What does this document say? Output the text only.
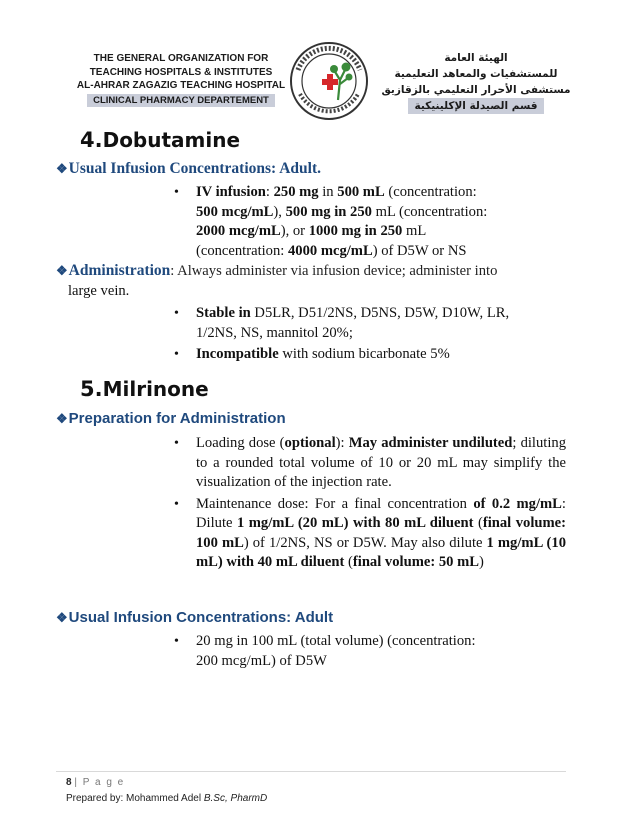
THE GENERAL ORGANIZATION FOR
TEACHING HOSPITALS & INSTITUTES
AL-AHRAR ZAGAZIG TEACHING HOSPITAL
CLINICAL PHARMACY DEPARTEMENT
الهيئة العامة
للمستشفيات والمعاهد التعليمية
مستشفى الأحرار التعليمي بالزقازيق
قسم الصيدلة الإكلينيكية
4.Dobutamine
❖Usual Infusion Concentrations: Adult.
• IV infusion: 250 mg in 500 mL (concentration:
500 mcg/mL), 500 mg in 250 mL (concentration:
2000 mcg/mL), or 1000 mg in 250 mL
(concentration: 4000 mcg/mL) of D5W or NS
❖Administration: Always administer via infusion device; administer into
large vein.
• Stable in D5LR, D51/2NS, D5NS, D5W, D10W, LR,
1/2NS, NS, mannitol 20%;
• Incompatible with sodium bicarbonate 5%
5.Milrinone
❖Preparation for Administration
• Loading dose (optional): May administer undiluted; diluting to a rounded total volume of 10 or 20 mL may simplify the visualization of the injection rate.
• Maintenance dose: For a final concentration of 0.2 mg/mL: Dilute 1 mg/mL (20 mL) with 80 mL diluent (final volume: 100 mL) of 1/2NS, NS or D5W. May also dilute 1 mg/mL (10 mL) with 40 mL diluent (final volume: 50 mL)
❖Usual Infusion Concentrations: Adult
• 20 mg in 100 mL (total volume) (concentration:
200 mcg/mL) of D5W
8 | P a g e
Prepared by: Mohammed Adel B.Sc, PharmD
